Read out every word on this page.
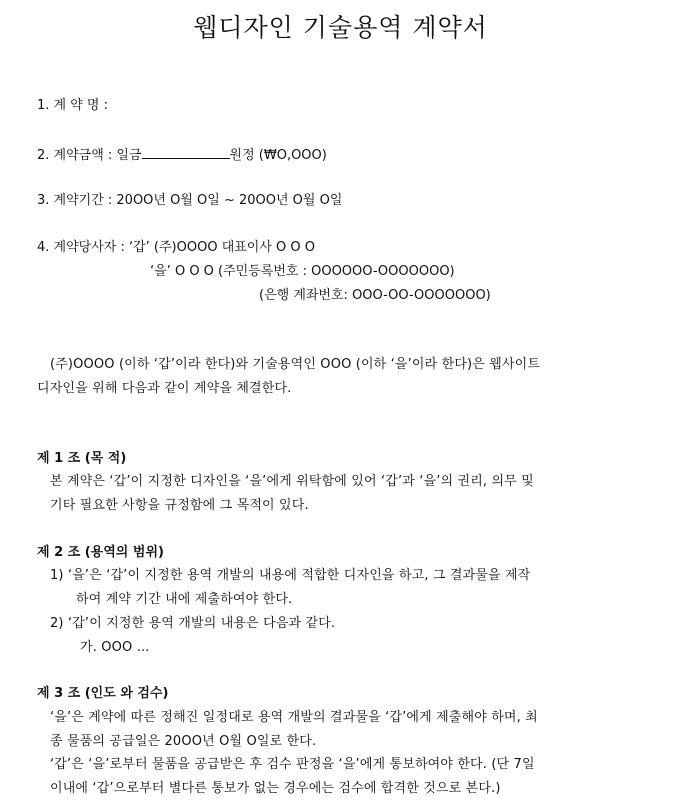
웹디자인 기술용역 계약서
1. 계 약 명 :
2. 계약금액 : 일금	원정 (₩O,OOO)
3. 계약기간 : 20OO년 O월 O일 ~ 20OO년 O월 O일
4. 계약당사자 : ‘갑’ (주)OOOO 대표이사 O O O
‘을’ O O O (주민등록번호 : OOOOOO-OOOOOOO)
(은행 계좌번호: OOO-OO-OOOOOOO)
(주)OOOO (이하 ‘갑’이라 한다)와 기술용역인 OOO (이하 ‘을’이라 한다)은 웹사이트
디자인을 위해 다음과 같이 계약을 체결한다.
제 1 조 (목 적)
본 계약은 ‘갑’이 지정한 디자인을 ‘을’에게 위탁함에 있어 ‘갑’과 ‘을’의 권리, 의무 및
기타 필요한 사항을 규정함에 그 목적이 있다.
제 2 조 (용역의 범위)
1) ‘을’은 ‘갑’이 지정한 용역 개발의 내용에 적합한 디자인을 하고, 그 결과물을 제작
하여 계약 기간 내에 제출하여야 한다.
2) ‘갑’이 지정한 용역 개발의 내용은 다음과 같다.
가. OOO ...
제 3 조 (인도 와 검수)
‘을’은 계약에 따른 정해진 일정대로 용역 개발의 결과물을 ‘갑’에게 제출해야 하며, 최
종 물품의 공급일은 20OO년 O월 O일로 한다.
‘갑’은 ‘을’로부터 물품을 공급받은 후 검수 판정을 ‘을’에게 통보하여야 한다. (단 7일
이내에 ‘갑’으로부터 별다른 통보가 없는 경우에는 검수에 합격한 것으로 본다.)
